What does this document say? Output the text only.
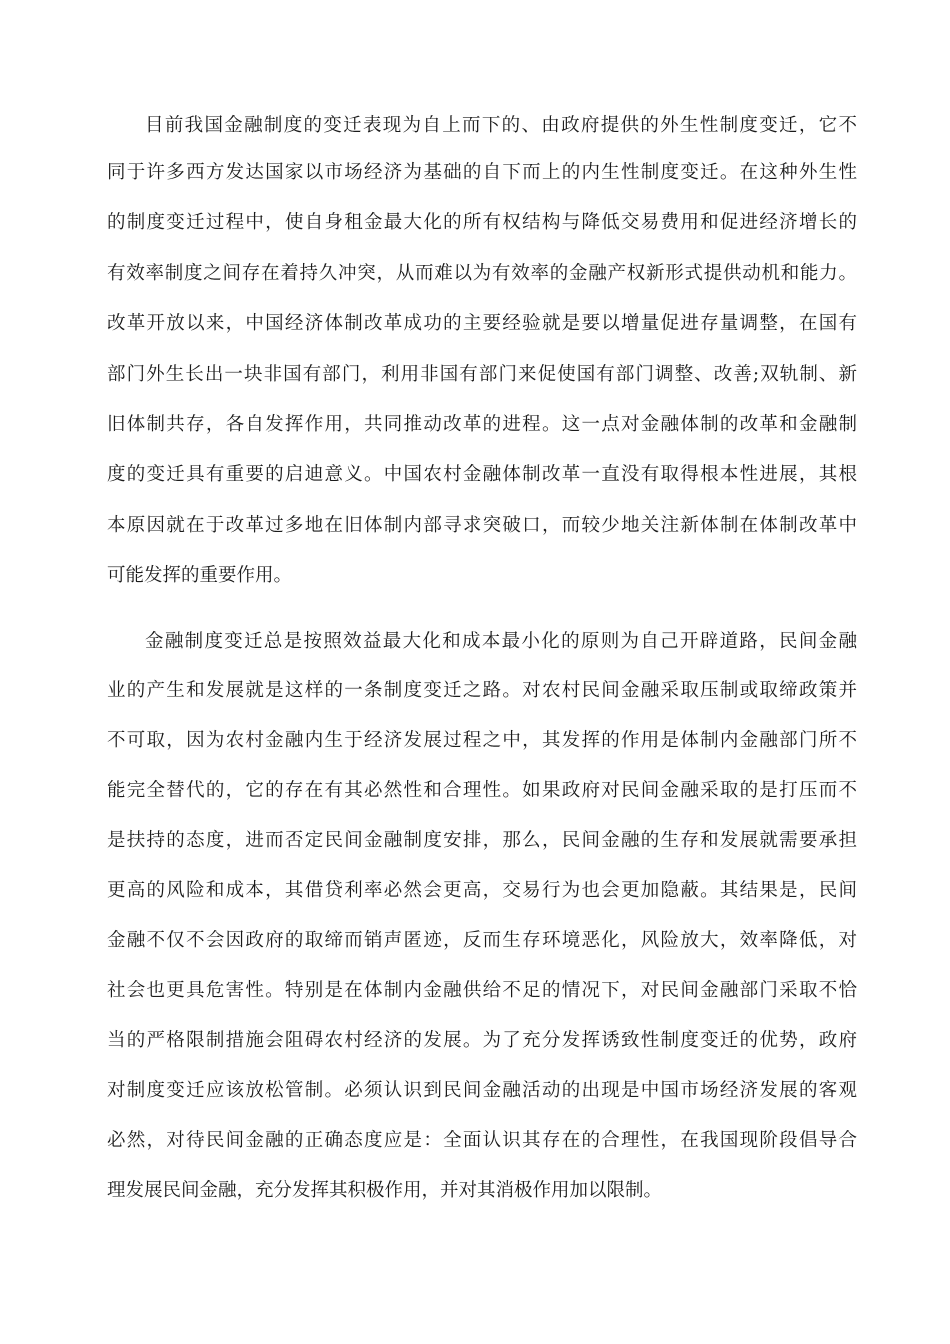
目前我国金融制度的变迁表现为自上而下的、由政府提供的外生性制度变迁，它不
同于许多西方发达国家以市场经济为基础的自下而上的内生性制度变迁。在这种外生性
的制度变迁过程中，使自身租金最大化的所有权结构与降低交易费用和促进经济增长的
有效率制度之间存在着持久冲突，从而难以为有效率的金融产权新形式提供动机和能力。
改革开放以来，中国经济体制改革成功的主要经验就是要以增量促进存量调整，在国有
部门外生长出一块非国有部门，利用非国有部门来促使国有部门调整、改善;双轨制、新
旧体制共存，各自发挥作用，共同推动改革的进程。这一点对金融体制的改革和金融制
度的变迁具有重要的启迪意义。中国农村金融体制改革一直没有取得根本性进展，其根
本原因就在于改革过多地在旧体制内部寻求突破口，而较少地关注新体制在体制改革中
可能发挥的重要作用。
金融制度变迁总是按照效益最大化和成本最小化的原则为自己开辟道路，民间金融
业的产生和发展就是这样的一条制度变迁之路。对农村民间金融采取压制或取缔政策并
不可取，因为农村金融内生于经济发展过程之中，其发挥的作用是体制内金融部门所不
能完全替代的，它的存在有其必然性和合理性。如果政府对民间金融采取的是打压而不
是扶持的态度，进而否定民间金融制度安排，那么，民间金融的生存和发展就需要承担
更高的风险和成本，其借贷利率必然会更高，交易行为也会更加隐蔽。其结果是，民间
金融不仅不会因政府的取缔而销声匿迹，反而生存环境恶化，风险放大，效率降低，对
社会也更具危害性。特别是在体制内金融供给不足的情况下，对民间金融部门采取不恰
当的严格限制措施会阻碍农村经济的发展。为了充分发挥诱致性制度变迁的优势，政府
对制度变迁应该放松管制。必须认识到民间金融活动的出现是中国市场经济发展的客观
必然，对待民间金融的正确态度应是：全面认识其存在的合理性，在我国现阶段倡导合
理发展民间金融，充分发挥其积极作用，并对其消极作用加以限制。
